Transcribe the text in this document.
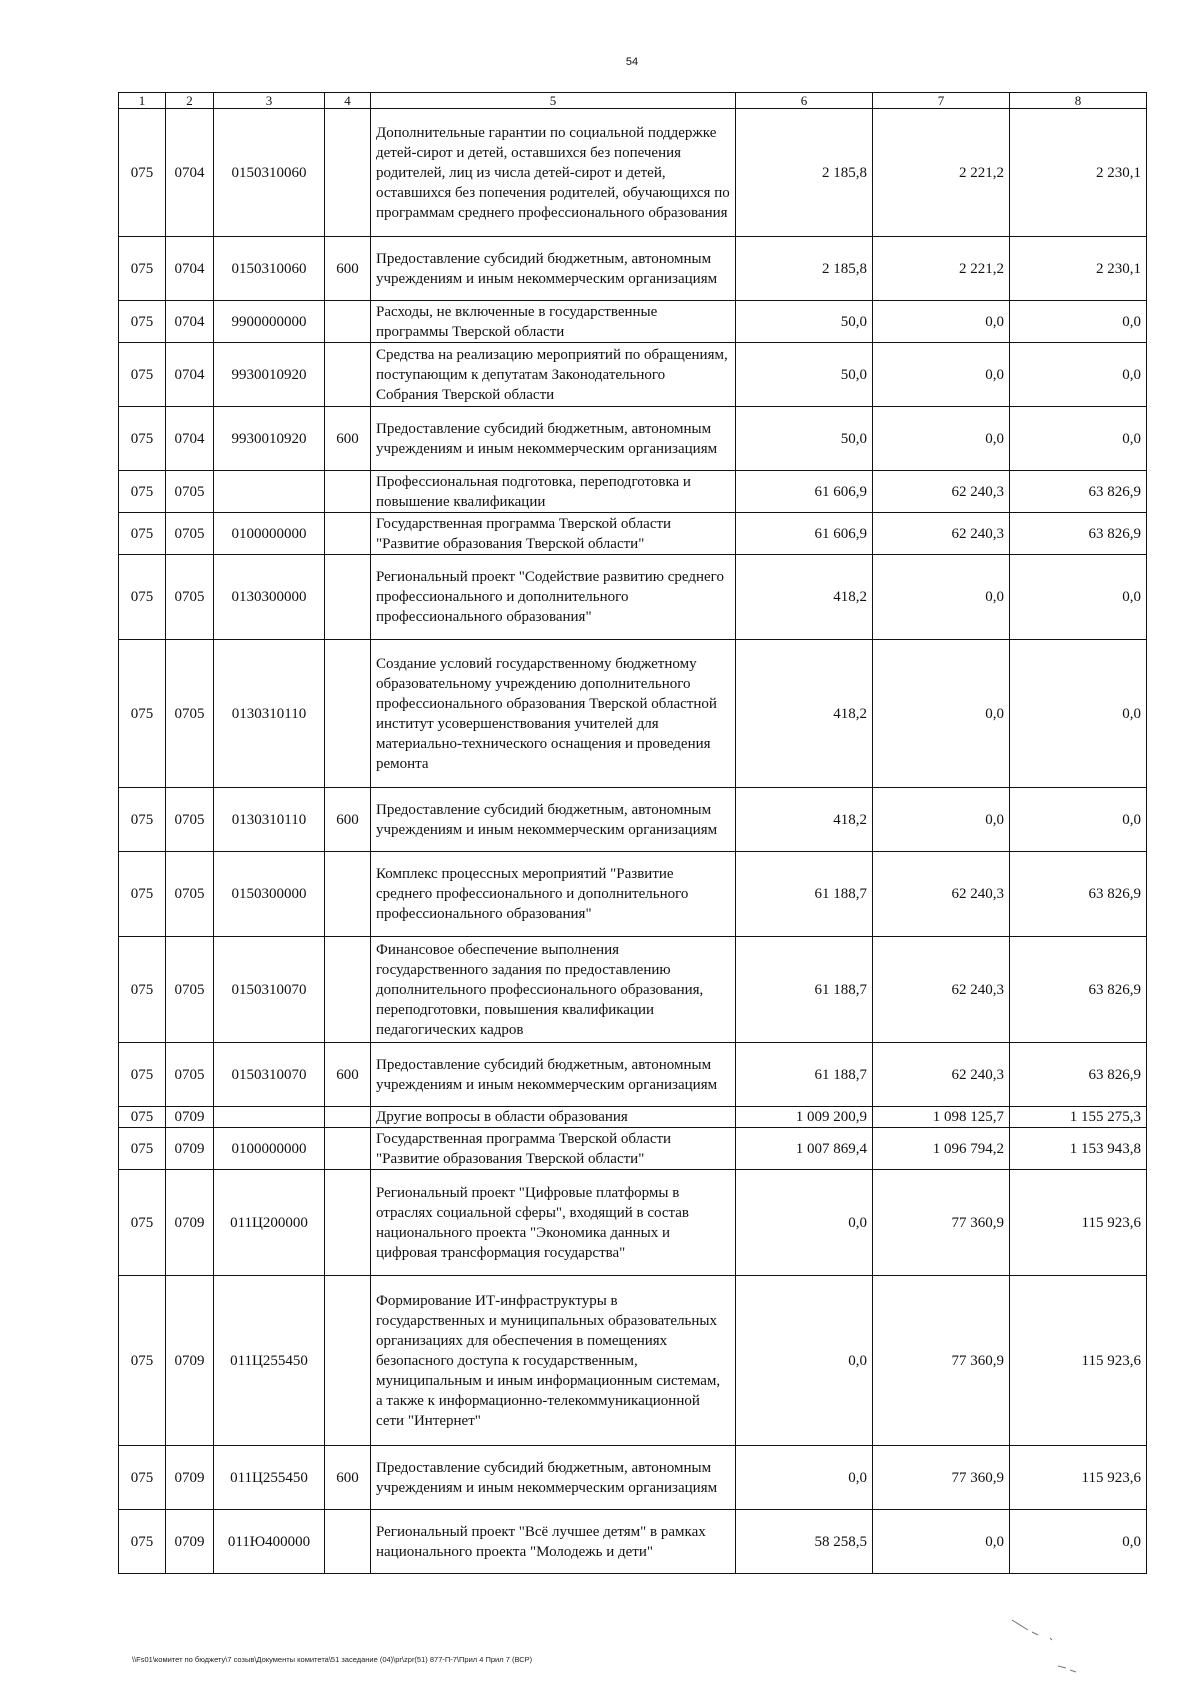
54
1	2	3	4	5	6	7	8
075	0704	0150310060		Дополнительные гарантии по социальной поддержке детей-сирот и детей, оставшихся без попечения родителей, лиц из числа детей-сирот и детей, оставшихся без попечения родителей, обучающихся по программам среднего профессионального образования	2 185,8	2 221,2	2 230,1
075	0704	0150310060	600	Предоставление субсидий бюджетным, автономным учреждениям и иным некоммерческим организациям	2 185,8	2 221,2	2 230,1
075	0704	9900000000		Расходы, не включенные в государственные программы Тверской области	50,0	0,0	0,0
075	0704	9930010920		Средства на реализацию мероприятий по обращениям, поступающим к депутатам Законодательного Собрания Тверской области	50,0	0,0	0,0
075	0704	9930010920	600	Предоставление субсидий бюджетным, автономным учреждениям и иным некоммерческим организациям	50,0	0,0	0,0
075	0705			Профессиональная подготовка, переподготовка и повышение квалификации	61 606,9	62 240,3	63 826,9
075	0705	0100000000		Государственная программа Тверской области "Развитие образования Тверской области"	61 606,9	62 240,3	63 826,9
075	0705	0130300000		Региональный проект "Содействие развитию среднего профессионального и дополнительного профессионального образования"	418,2	0,0	0,0
075	0705	0130310110		Создание условий государственному бюджетному образовательному учреждению дополнительного профессионального образования Тверской областной институт усовершенствования учителей для материально-технического оснащения и проведения ремонта	418,2	0,0	0,0
075	0705	0130310110	600	Предоставление субсидий бюджетным, автономным учреждениям и иным некоммерческим организациям	418,2	0,0	0,0
075	0705	0150300000		Комплекс процессных мероприятий "Развитие среднего профессионального и дополнительного профессионального образования"	61 188,7	62 240,3	63 826,9
075	0705	0150310070		Финансовое обеспечение выполнения государственного задания по предоставлению дополнительного профессионального образования, переподготовки, повышения квалификации педагогических кадров	61 188,7	62 240,3	63 826,9
075	0705	0150310070	600	Предоставление субсидий бюджетным, автономным учреждениям и иным некоммерческим организациям	61 188,7	62 240,3	63 826,9
075	0709			Другие вопросы в области образования	1 009 200,9	1 098 125,7	1 155 275,3
075	0709	0100000000		Государственная программа Тверской области "Развитие образования Тверской области"	1 007 869,4	1 096 794,2	1 153 943,8
075	0709	011Ц200000		Региональный проект "Цифровые платформы в отраслях социальной сферы", входящий в состав национального проекта "Экономика данных и цифровая трансформация государства"	0,0	77 360,9	115 923,6
075	0709	011Ц255450		Формирование ИТ-инфраструктуры в государственных и муниципальных образовательных организациях для обеспечения в помещениях безопасного доступа к государственным, муниципальным и иным информационным системам, а также к информационно-телекоммуникационной сети "Интернет"	0,0	77 360,9	115 923,6
075	0709	011Ц255450	600	Предоставление субсидий бюджетным, автономным учреждениям и иным некоммерческим организациям	0,0	77 360,9	115 923,6
075	0709	011Ю400000		Региональный проект "Всё лучшее детям" в рамках национального проекта "Молодежь и дети"	58 258,5	0,0	0,0
\\Fs01\комитет по бюджету\7 созыв\Документы комитета\51 заседание (04)\pr\zpr(51) 877-П-7\Прил 4 Прил 7 (ВСР)
